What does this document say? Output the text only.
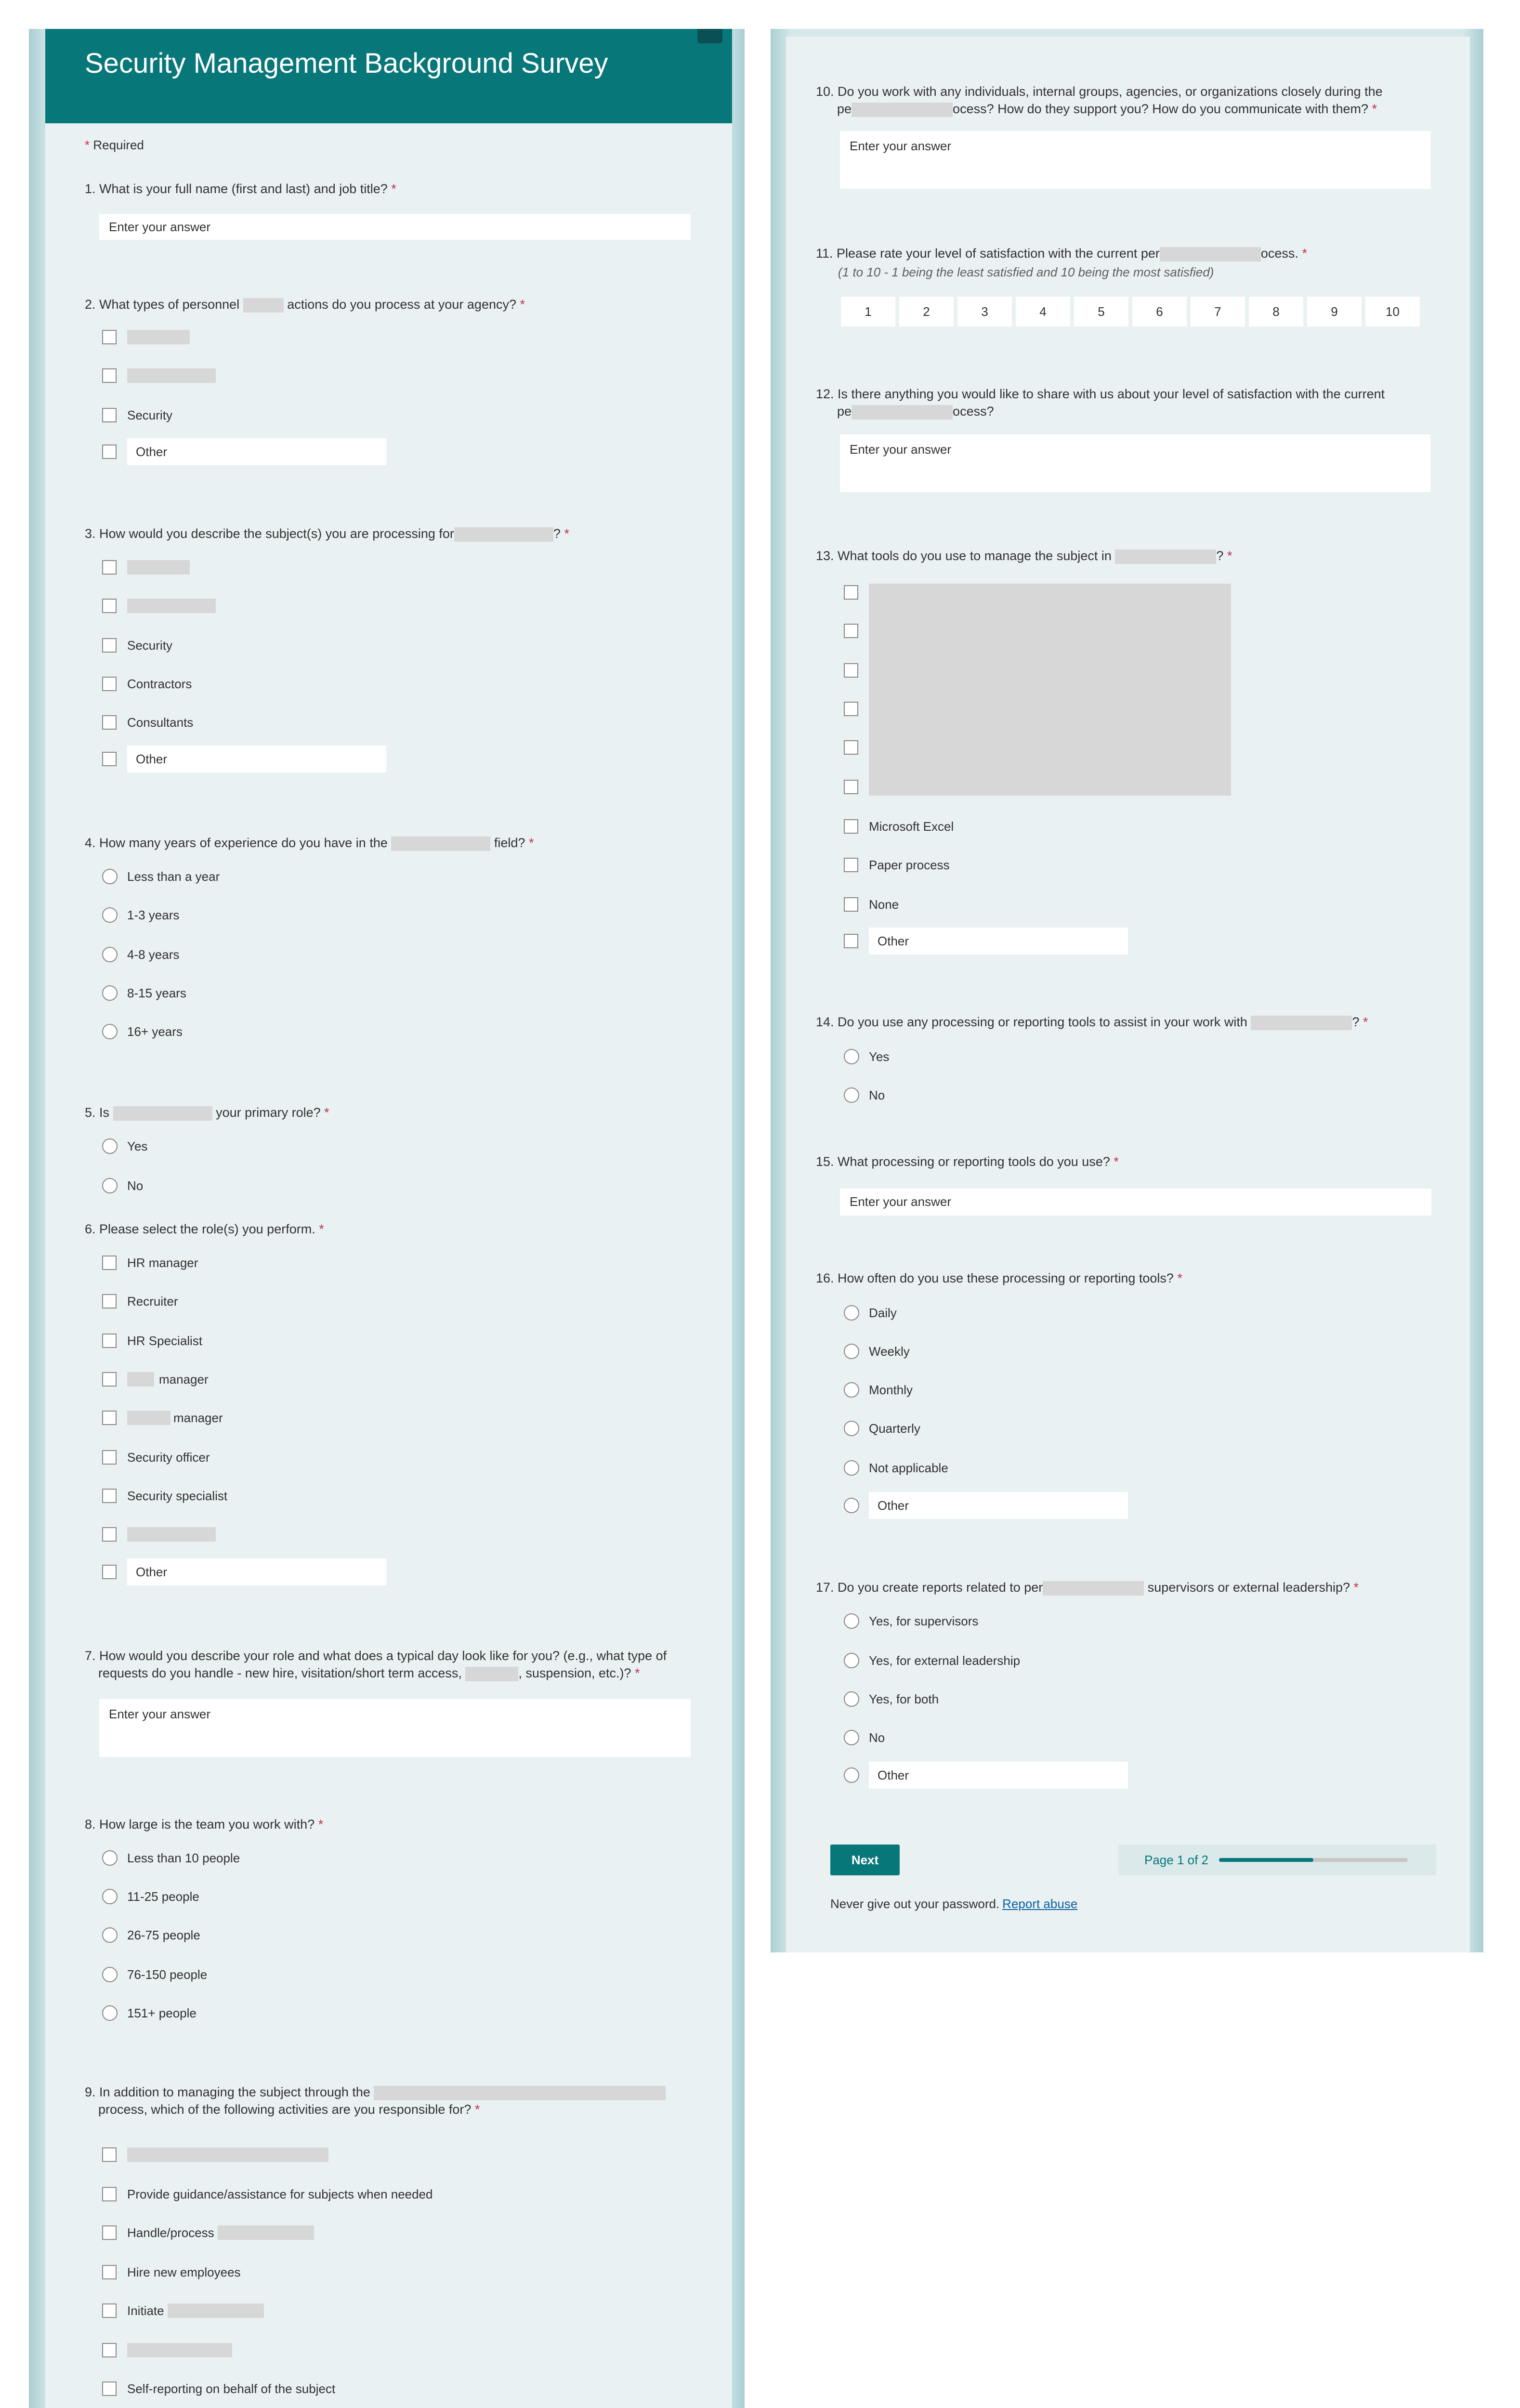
Security Management Background Survey
* Required
1. What is your full name (first and last) and job title? *
Enter your answer
2. What types of personnel	actions do you process at your agency? *
Security
Other
3. How would you describe the subject(s) you are processing for	? *
Security
Contractors
Consultants
Other
4. How many years of experience do you have in the	field? *
Less than a year
1-3 years
4-8 years
8-15 years
16+ years
5. Is	your primary role? *
Yes
No
6. Please select the role(s) you perform. *
HR manager
Recruiter
HR Specialist
manager
manager
Security officer
Security specialist
Other
7. How would you describe your role and what does a typical day look like for you? (e.g., what type of
requests do you handle - new hire, visitation/short term access,	, suspension, etc.)? *
Enter your answer
8. How large is the team you work with? *
Less than 10 people
11-25 people
26-75 people
76-150 people
151+ people
9. In addition to managing the subject through the
process, which of the following activities are you responsible for? *
Provide guidance/assistance for subjects when needed
Handle/process

Hire new employees
Initiate

Self-reporting on behalf of the subject
10. Do you work with any individuals, internal groups, agencies, or organizations closely during the
pe	ocess? How do they support you? How do you communicate with them? *
Enter your answer
11. Please rate your level of satisfaction with the current per	ocess. *
(1 to 10 - 1 being the least satisfied and 10 being the most satisfied)
1	2	3	4	5	6	7	8	9	10
12. Is there anything you would like to share with us about your level of satisfaction with the current
pe	ocess?
Enter your answer
13. What tools do you use to manage the subject in	? *
Microsoft Excel
Paper process
None
Other
14. Do you use any processing or reporting tools to assist in your work with	? *
Yes
No
15. What processing or reporting tools do you use? *
Enter your answer
16. How often do you use these processing or reporting tools? *
Daily
Weekly
Monthly
Quarterly
Not applicable
Other
17. Do you create reports related to per	supervisors or external leadership? *
Yes, for supervisors
Yes, for external leadership
Yes, for both
No
Other
Next	Page 1 of 2
Never give out your password. Report abuse
